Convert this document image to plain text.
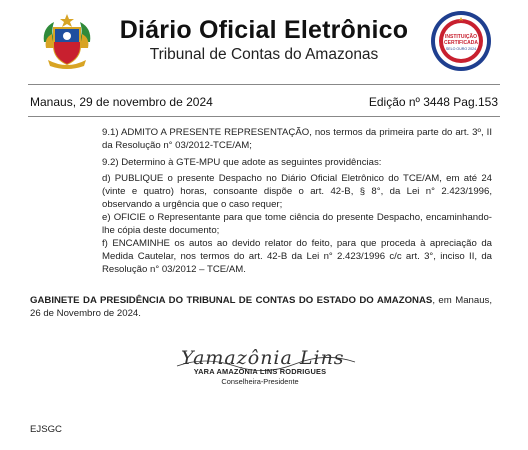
Diário Oficial Eletrônico
Tribunal de Contas do Amazonas
INSTITUIÇÃO
CERTIFICADA
SELO OURO 2024
Manaus, 29 de novembro de 2024	Edição nº 3448 Pag.153

9.1) ADMITO A PRESENTE REPRESENTAÇÃO, nos termos da primeira parte do art. 3º, II da Resolução n° 03/2012-TCE/AM;

9.2) Determino à GTE-MPU que adote as seguintes providências:

d) PUBLIQUE o presente Despacho no Diário Oficial Eletrônico do TCE/AM, em até 24 (vinte e quatro) horas, consoante dispõe o art. 42-B, § 8°, da Lei n° 2.423/1996, observando a urgência que o caso requer;

e) OFICIE o Representante para que tome ciência do presente Despacho, encaminhando-lhe cópia deste documento;

f) ENCAMINHE os autos ao devido relator do feito, para que proceda à apreciação da Medida Cautelar, nos termos do art. 42-B da Lei n° 2.423/1996 c/c art. 3°, inciso II, da Resolução n° 03/2012 – TCE/AM.

GABINETE DA PRESIDÊNCIA DO TRIBUNAL DE CONTAS DO ESTADO DO AMAZONAS, em Manaus, 26 de Novembro de 2024.

Yamazônia Lins
YARA AMAZÔNIA LINS RODRIGUES
Conselheira-Presidente
EJSGC
